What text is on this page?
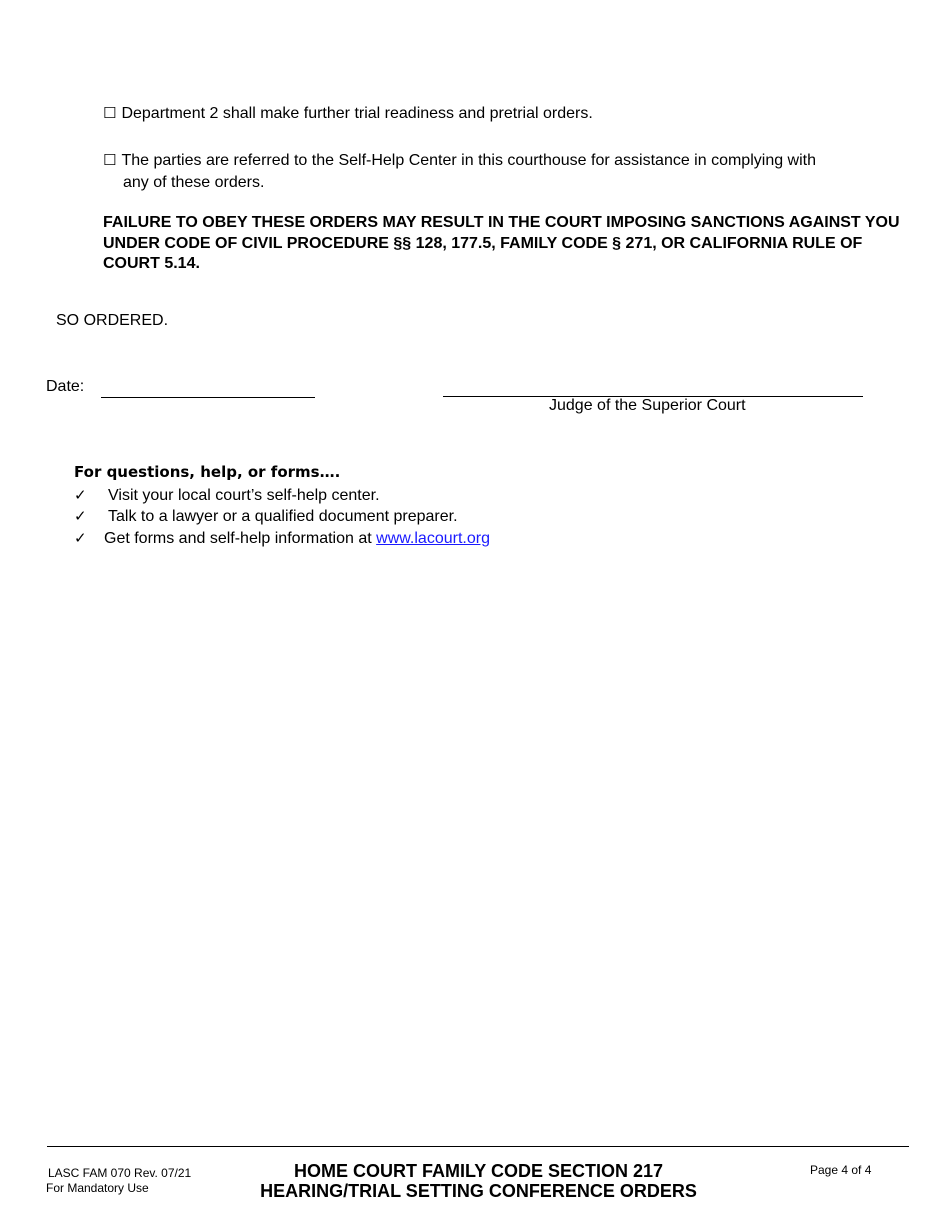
☐ Department 2 shall make further trial readiness and pretrial orders.
☐ The parties are referred to the Self-Help Center in this courthouse for assistance in complying with
any of these orders.
FAILURE TO OBEY THESE ORDERS MAY RESULT IN THE COURT IMPOSING SANCTIONS AGAINST YOU UNDER CODE OF CIVIL PROCEDURE §§ 128, 177.5, FAMILY CODE § 271, OR CALIFORNIA RULE OF COURT 5.14.
SO ORDERED.
Date:
Judge of the Superior Court
For questions, help, or forms….
✓ Visit your local court’s self-help center.
✓ Talk to a lawyer or a qualified document preparer.
✓ Get forms and self-help information at www.lacourt.org
LASC FAM 070 Rev. 07/21
For Mandatory Use
HOME COURT FAMILY CODE SECTION 217
HEARING/TRIAL SETTING CONFERENCE ORDERS
Page 4 of 4
